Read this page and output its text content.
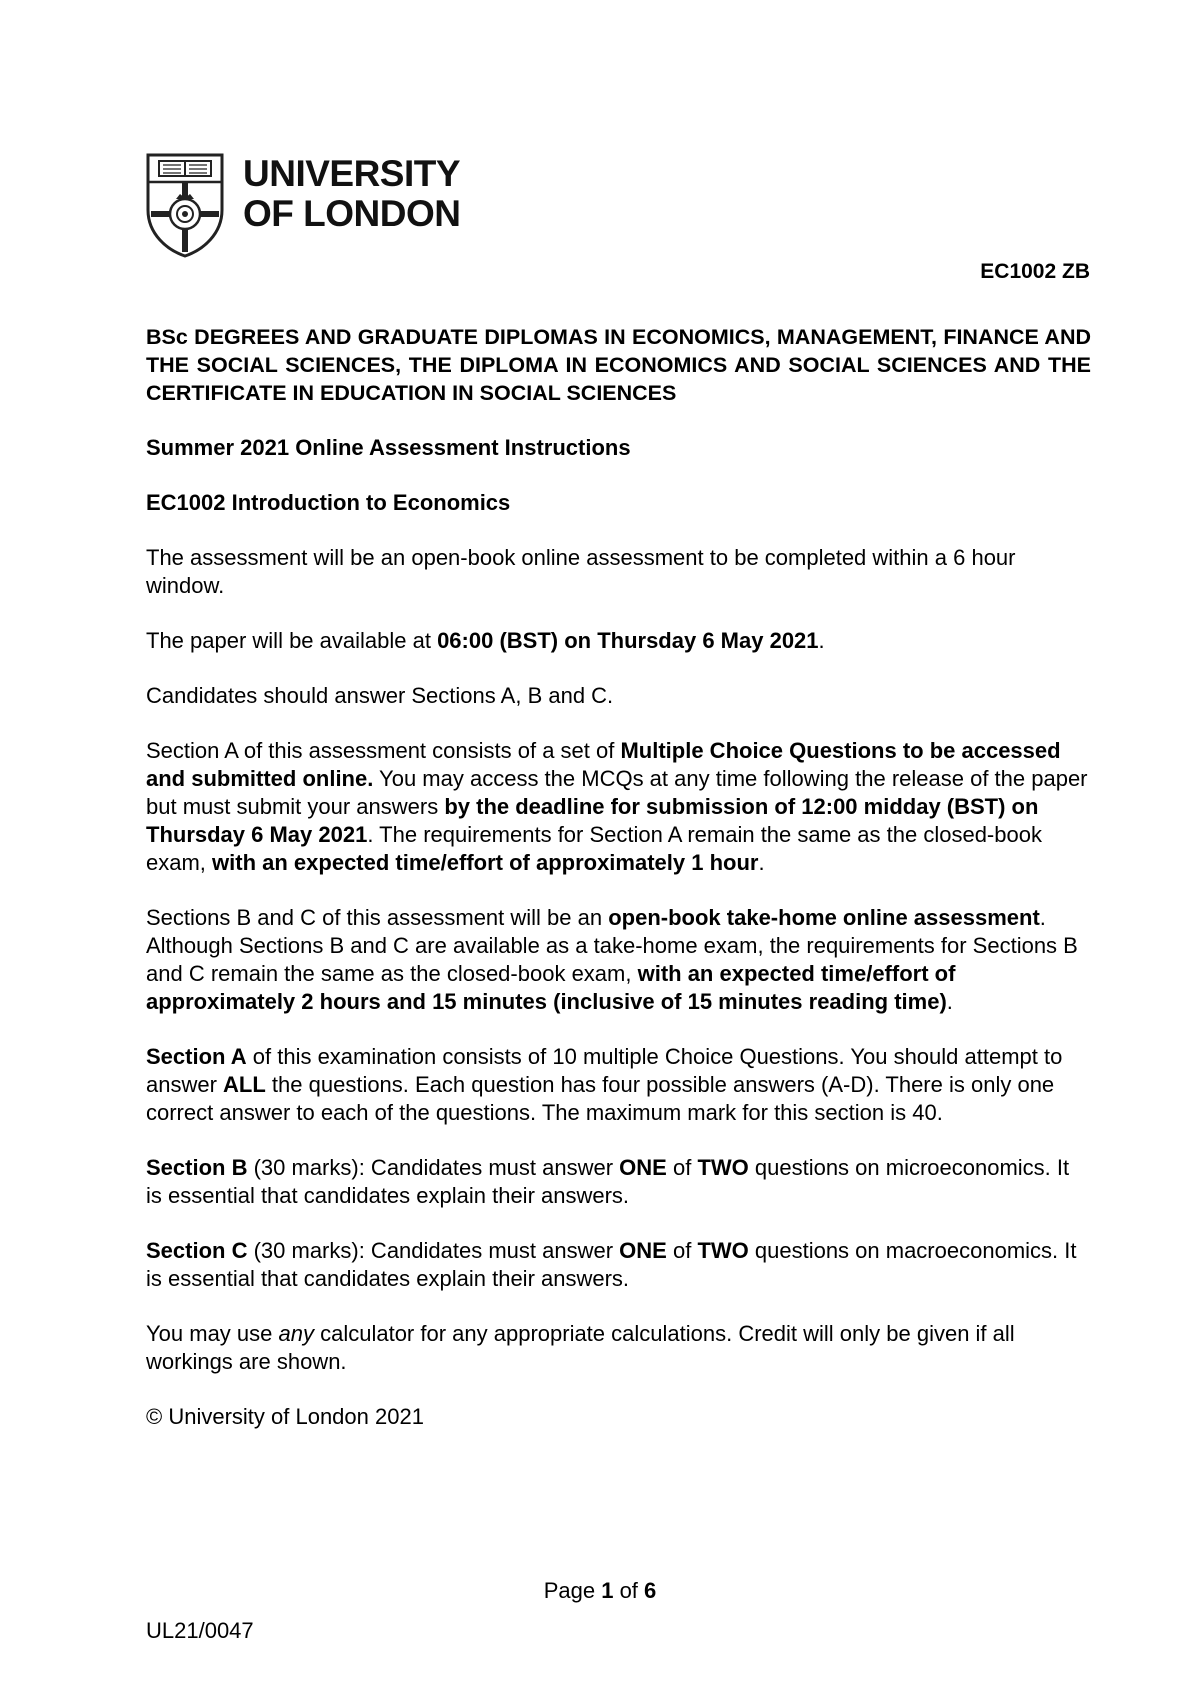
UNIVERSITY
OF LONDON
EC1002 ZB

BSc DEGREES AND GRADUATE DIPLOMAS IN ECONOMICS, MANAGEMENT, FINANCE AND THE SOCIAL SCIENCES, THE DIPLOMA IN ECONOMICS AND SOCIAL SCIENCES AND THE CERTIFICATE IN EDUCATION IN SOCIAL SCIENCES

Summer 2021 Online Assessment Instructions

EC1002 Introduction to Economics

The assessment will be an open-book online assessment to be completed within a 6 hour window.

The paper will be available at 06:00 (BST) on Thursday 6 May 2021.

Candidates should answer Sections A, B and C.

Section A of this assessment consists of a set of Multiple Choice Questions to be accessed and submitted online. You may access the MCQs at any time following the release of the paper but must submit your answers by the deadline for submission of 12:00 midday (BST) on Thursday 6 May 2021. The requirements for Section A remain the same as the closed-book exam, with an expected time/effort of approximately 1 hour.

Sections B and C of this assessment will be an open-book take-home online assessment. Although Sections B and C are available as a take-home exam, the requirements for Sections B and C remain the same as the closed-book exam, with an expected time/effort of approximately 2 hours and 15 minutes (inclusive of 15 minutes reading time).

Section A of this examination consists of 10 multiple Choice Questions. You should attempt to answer ALL the questions. Each question has four possible answers (A-D). There is only one correct answer to each of the questions. The maximum mark for this section is 40.

Section B (30 marks): Candidates must answer ONE of TWO questions on microeconomics. It is essential that candidates explain their answers.

Section C (30 marks): Candidates must answer ONE of TWO questions on macroeconomics. It is essential that candidates explain their answers.

You may use any calculator for any appropriate calculations. Credit will only be given if all workings are shown.

© University of London 2021

Page 1 of 6
UL21/0047
